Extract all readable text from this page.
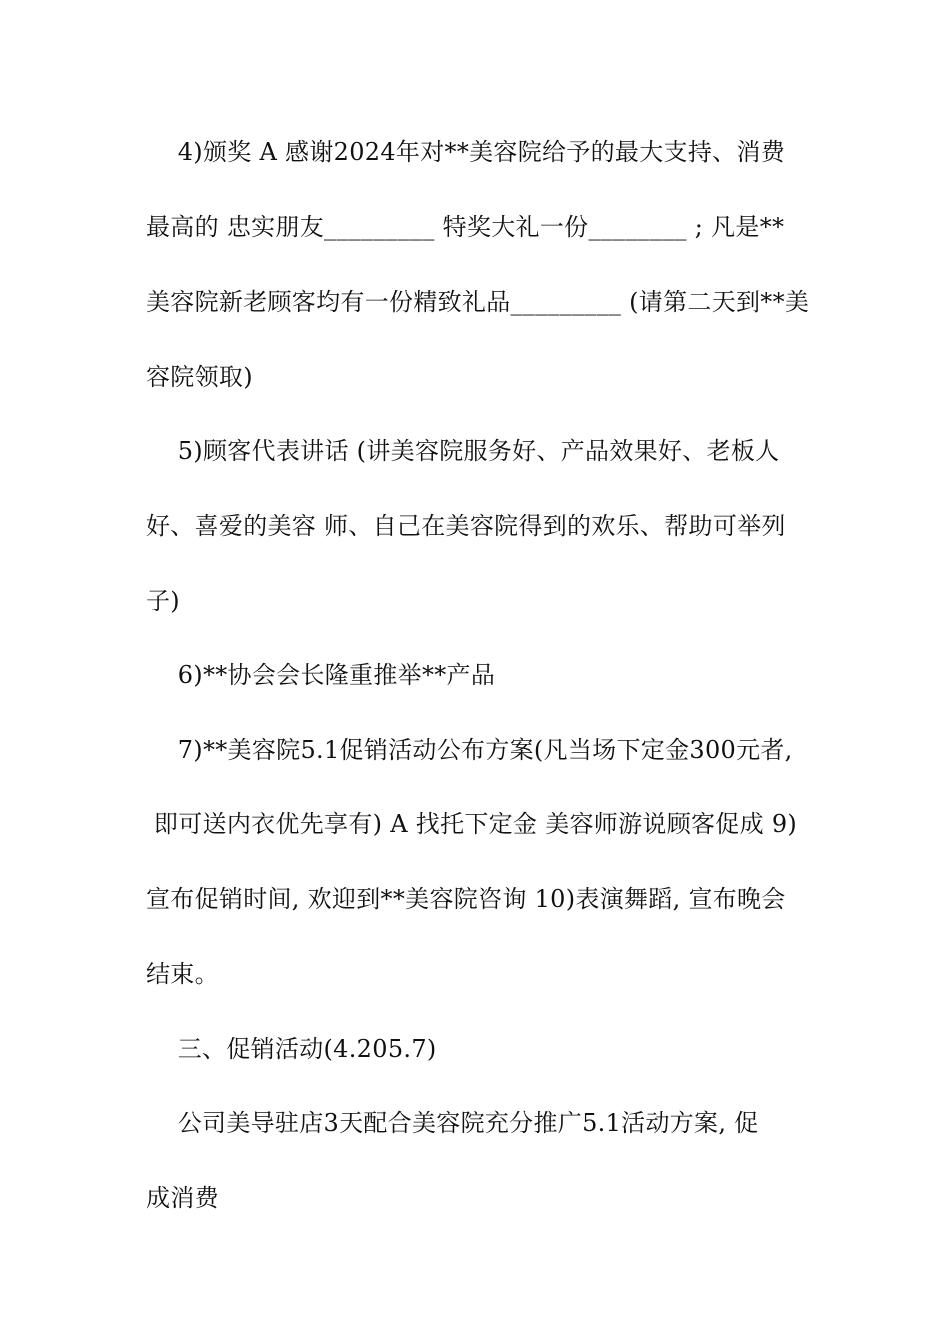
4)颁奖 A 感谢2024年对**美容院给予的最大支持、消费
最高的 忠实朋友_________ 特奖大礼一份________ ; 凡是**
美容院新老顾客均有一份精致礼品_________ (请第二天到**美
容院领取)
5)顾客代表讲话 (讲美容院服务好、产品效果好、老板人
好、喜爱的美容 师、自己在美容院得到的欢乐、帮助可举列
子)
6)**协会会长隆重推举**产品
7)**美容院5.1促销活动公布方案(凡当场下定金300元者,
即可送内衣优先享有) A 找托下定金 美容师游说顾客促成 9)
宣布促销时间, 欢迎到**美容院咨询 10)表演舞蹈, 宣布晚会
结束。
三、促销活动(4.205.7)
公司美导驻店3天配合美容院充分推广5.1活动方案, 促
成消费
